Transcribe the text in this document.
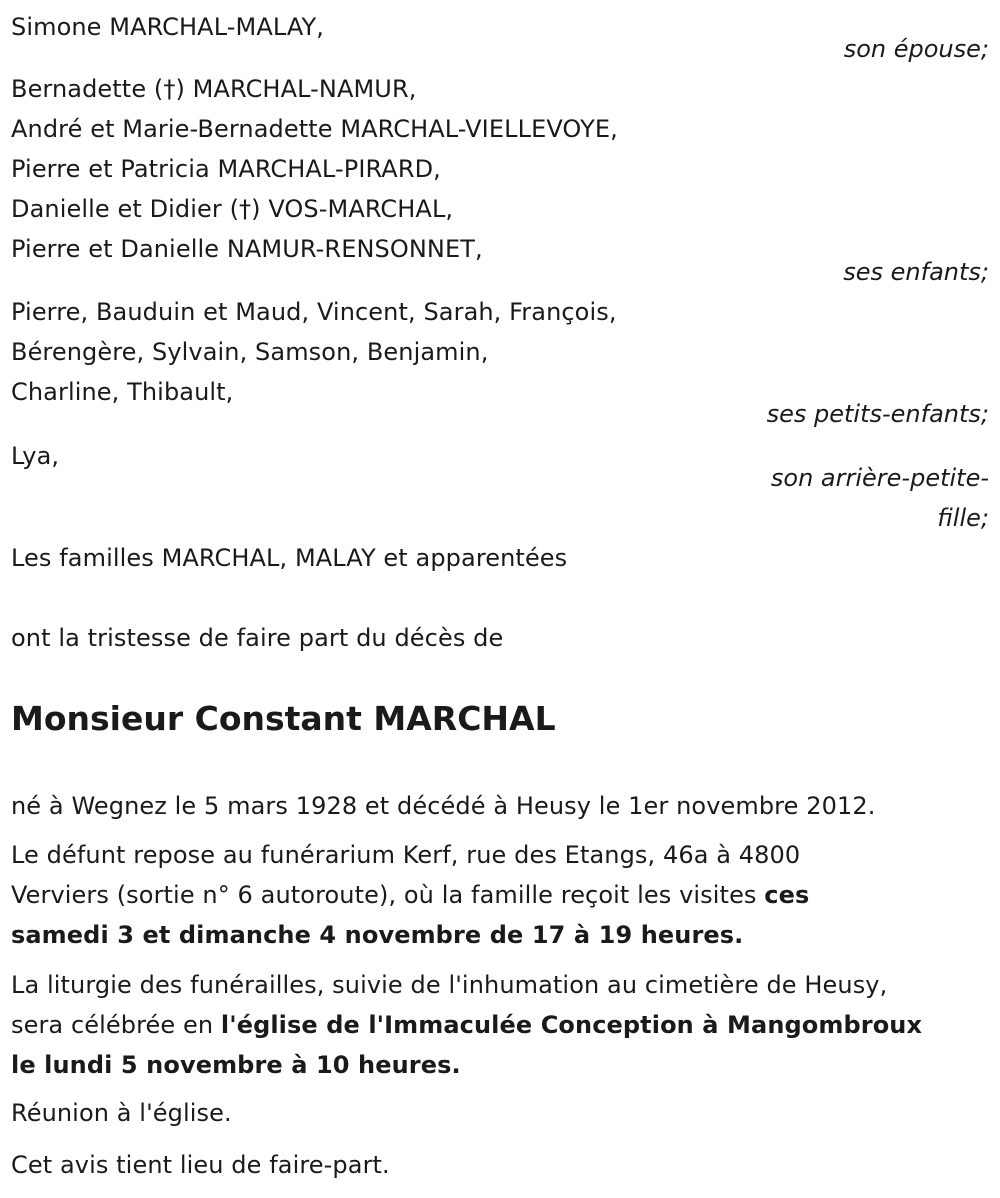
Simone MARCHAL-MALAY,
son épouse;
Bernadette (†) MARCHAL-NAMUR,
André et Marie-Bernadette MARCHAL-VIELLEVOYE,
Pierre et Patricia MARCHAL-PIRARD,
Danielle et Didier (†) VOS-MARCHAL,
Pierre et Danielle NAMUR-RENSONNET,
ses enfants;
Pierre, Bauduin et Maud, Vincent, Sarah, François,
Bérengère, Sylvain, Samson, Benjamin,
Charline, Thibault,
ses petits-enfants;
Lya,
son arrière-petite-
fille;
Les familles MARCHAL, MALAY et apparentées
ont la tristesse de faire part du décès de
Monsieur Constant MARCHAL
né à Wegnez le 5 mars 1928 et décédé à Heusy le 1er novembre 2012.
Le défunt repose au funérarium Kerf, rue des Etangs, 46a à 4800
Verviers (sortie n° 6 autoroute), où la famille reçoit les visites ces
samedi 3 et dimanche 4 novembre de 17 à 19 heures.
La liturgie des funérailles, suivie de l'inhumation au cimetière de Heusy,
sera célébrée en l'église de l'Immaculée Conception à Mangombroux
le lundi 5 novembre à 10 heures.
Réunion à l'église.
Cet avis tient lieu de faire-part.
